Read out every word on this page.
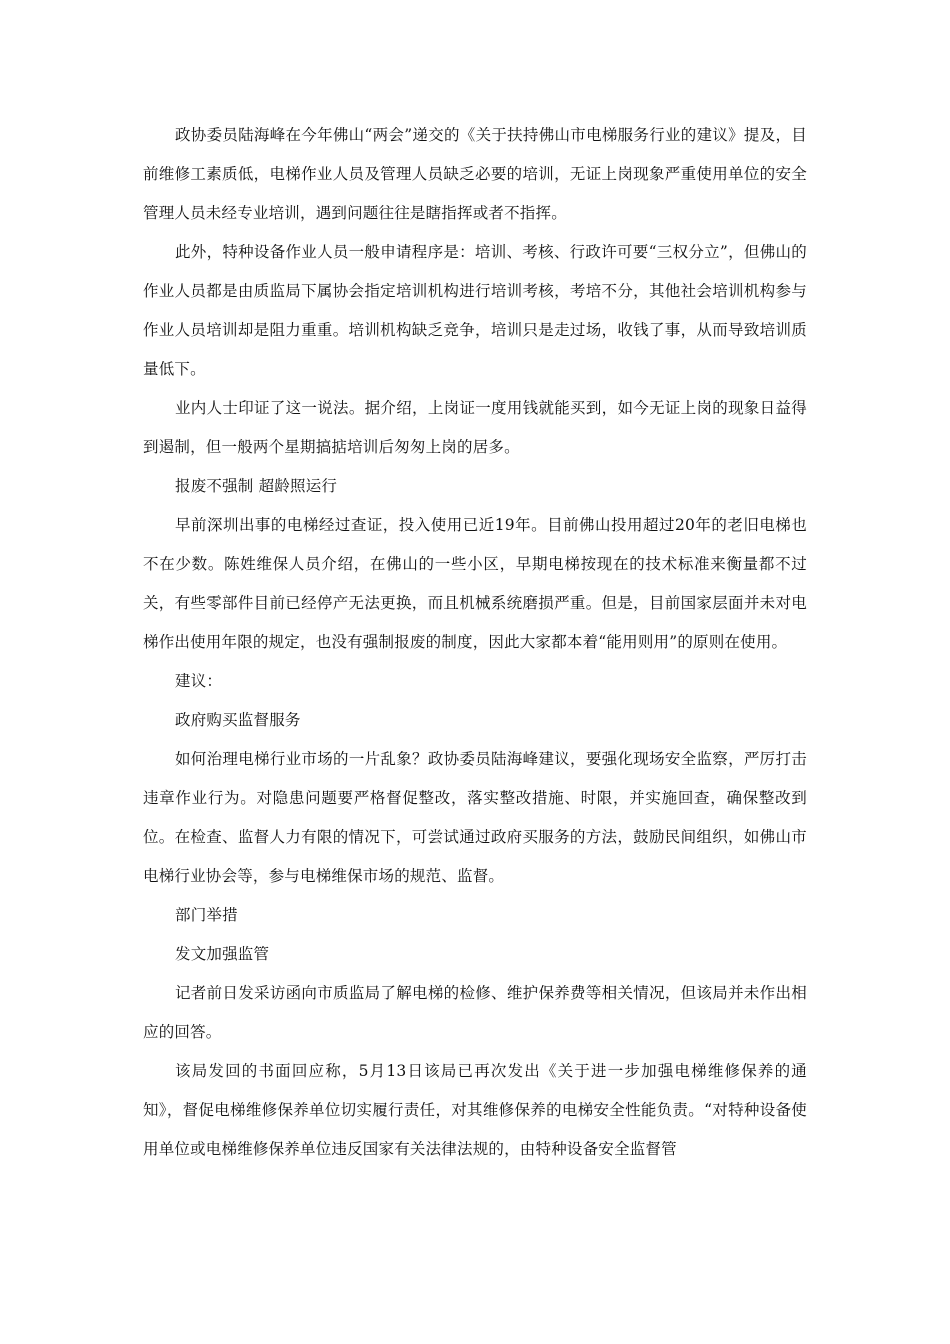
政协委员陆海峰在今年佛山“两会”递交的《关于扶持佛山市电梯服务行业的建议》提及，目前维修工素质低，电梯作业人员及管理人员缺乏必要的培训，无证上岗现象严重使用单位的安全管理人员未经专业培训，遇到问题往往是瞎指挥或者不指挥。

此外，特种设备作业人员一般申请程序是：培训、考核、行政许可要“三权分立”，但佛山的作业人员都是由质监局下属协会指定培训机构进行培训考核，考培不分，其他社会培训机构参与作业人员培训却是阻力重重。培训机构缺乏竞争，培训只是走过场，收钱了事，从而导致培训质量低下。

业内人士印证了这一说法。据介绍，上岗证一度用钱就能买到，如今无证上岗的现象日益得到遏制，但一般两个星期搞掂培训后匆匆上岗的居多。

报废不强制 超龄照运行

早前深圳出事的电梯经过查证，投入使用已近19年。目前佛山投用超过20年的老旧电梯也不在少数。陈姓维保人员介绍，在佛山的一些小区，早期电梯按现在的技术标准来衡量都不过关，有些零部件目前已经停产无法更换，而且机械系统磨损严重。但是，目前国家层面并未对电梯作出使用年限的规定，也没有强制报废的制度，因此大家都本着“能用则用”的原则在使用。

建议：

政府购买监督服务

如何治理电梯行业市场的一片乱象？政协委员陆海峰建议，要强化现场安全监察，严厉打击违章作业行为。对隐患问题要严格督促整改，落实整改措施、时限，并实施回查，确保整改到位。在检查、监督人力有限的情况下，可尝试通过政府买服务的方法，鼓励民间组织，如佛山市电梯行业协会等，参与电梯维保市场的规范、监督。

部门举措

发文加强监管

记者前日发采访函向市质监局了解电梯的检修、维护保养费等相关情况，但该局并未作出相应的回答。

该局发回的书面回应称，5月13日该局已再次发出《关于进一步加强电梯维修保养的通知》，督促电梯维修保养单位切实履行责任，对其维修保养的电梯安全性能负责。“对特种设备使用单位或电梯维修保养单位违反国家有关法律法规的，由特种设备安全监督管
